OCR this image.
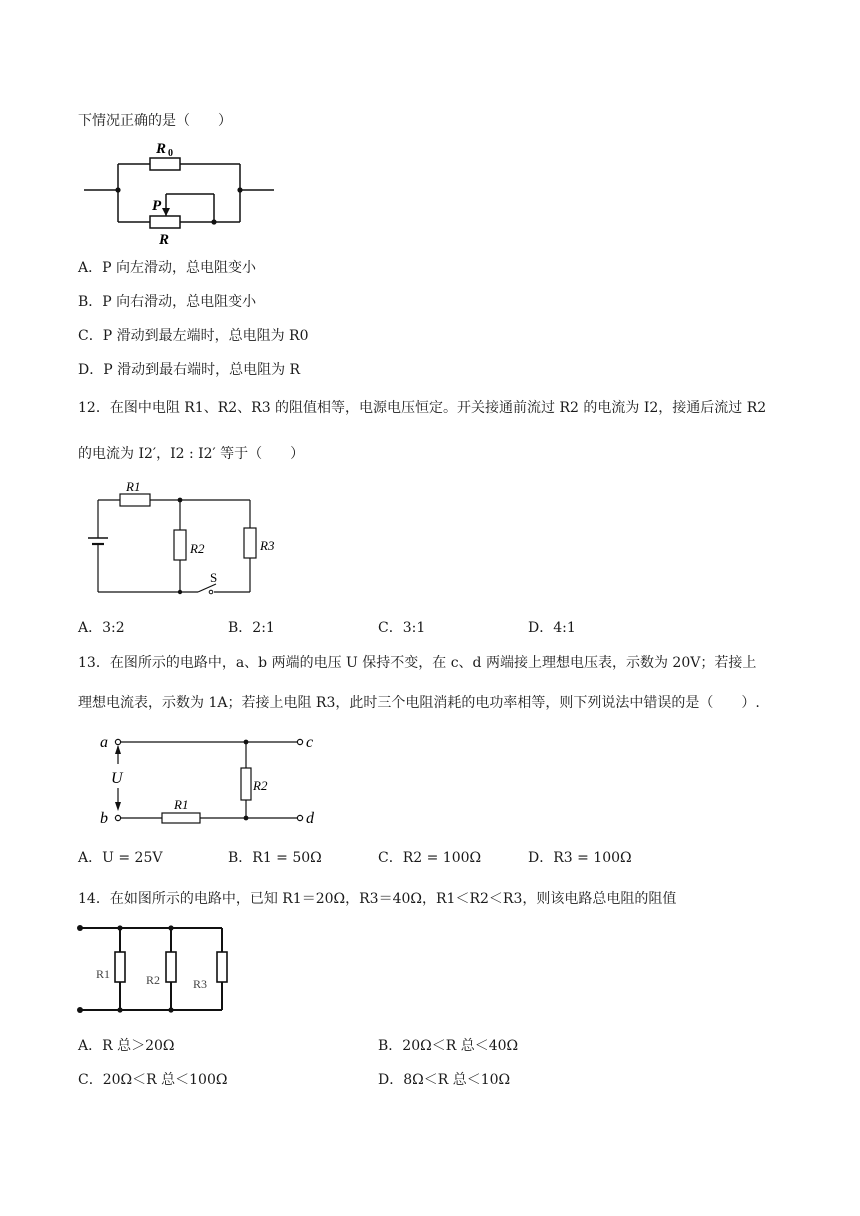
下情况正确的是（　　）
R 0
P
R
A．P 向左滑动，总电阻变小
B．P 向右滑动，总电阻变小
C．P 滑动到最左端时，总电阻为 R0
D．P 滑动到最右端时，总电阻为 R
12．在图中电阻 R1、R2、R3 的阻值相等，电源电压恒定。开关接通前流过 R2 的电流为 I2，接通后流过 R2
的电流为 I2′，I2 : I2′ 等于（　　）
R1
R2	R3
S
A．3:2	B．2:1	C．3:1	D．4:1
13．在图所示的电路中，a、b 两端的电压 U 保持不变，在 c、d 两端接上理想电压表，示数为 20V；若接上
理想电流表，示数为 1A；若接上电阻 R3，此时三个电阻消耗的电功率相等，则下列说法中错误的是（　　）.
a
b
c
d
U
R1
R2
A．U = 25V	B．R1 = 50Ω	C．R2 = 100Ω	D．R3 = 100Ω
14．在如图所示的电路中，已知 R1＝20Ω，R3＝40Ω，R1＜R2＜R3，则该电路总电阻的阻值
R1	R2	R3
A．R 总＞20Ω	B．20Ω＜R 总＜40Ω
C．20Ω＜R 总＜100Ω	D．8Ω＜R 总＜10Ω
